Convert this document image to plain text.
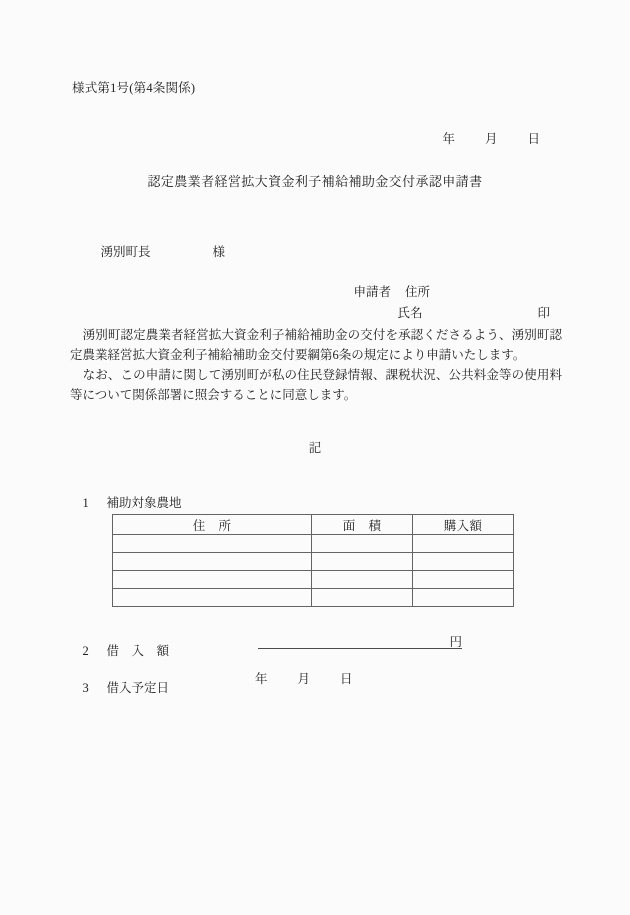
様式第1号(第4条関係)

年 月 日

認定農業者経営拡大資金利子補給補助金交付承認申請書

湧別町長	様

申請者 住所

氏名	印

　湧別町認定農業者経営拡大資金利子補給補助金の交付を承認くださるよう、湧別町認定農業経営拡大資金利子補給補助金交付要綱第6条の規定により申請いたします。
　なお、この申請に関して湧別町が私の住民登録情報、課税状況、公共料金等の使用料等について関係部署に照会することに同意します。
記

1 補助対象農地

住 所	面 積	購入額

2 借　入　額

円

3 借入予定日

年 月 日
